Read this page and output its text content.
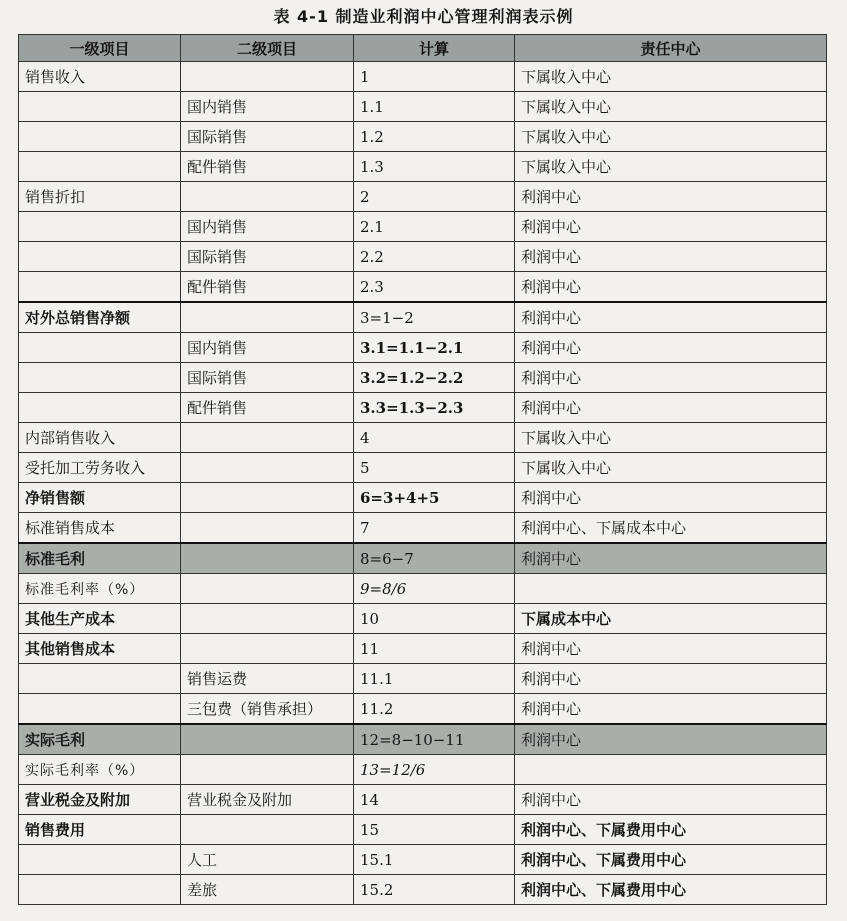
表 4-1 制造业利润中心管理利润表示例
一级项目	二级项目	计算	责任中心
销售收入		1	下属收入中心
	国内销售	1.1	下属收入中心
	国际销售	1.2	下属收入中心
	配件销售	1.3	下属收入中心
销售折扣		2	利润中心
	国内销售	2.1	利润中心
	国际销售	2.2	利润中心
	配件销售	2.3	利润中心
对外总销售净额		3=1−2	利润中心
	国内销售	3.1=1.1−2.1	利润中心
	国际销售	3.2=1.2−2.2	利润中心
	配件销售	3.3=1.3−2.3	利润中心
内部销售收入		4	下属收入中心
受托加工劳务收入		5	下属收入中心
净销售额		6=3+4+5	利润中心
标准销售成本		7	利润中心、下属成本中心
标准毛利		8=6−7	利润中心
标准毛利率（%）		9=8/6	
其他生产成本		10	下属成本中心
其他销售成本		11	利润中心
	销售运费	11.1	利润中心
	三包费（销售承担）	11.2	利润中心
实际毛利		12=8−10−11	利润中心
实际毛利率（%）		13=12/6	
营业税金及附加	营业税金及附加	14	利润中心
销售费用		15	利润中心、下属费用中心
	人工	15.1	利润中心、下属费用中心
	差旅	15.2	利润中心、下属费用中心
